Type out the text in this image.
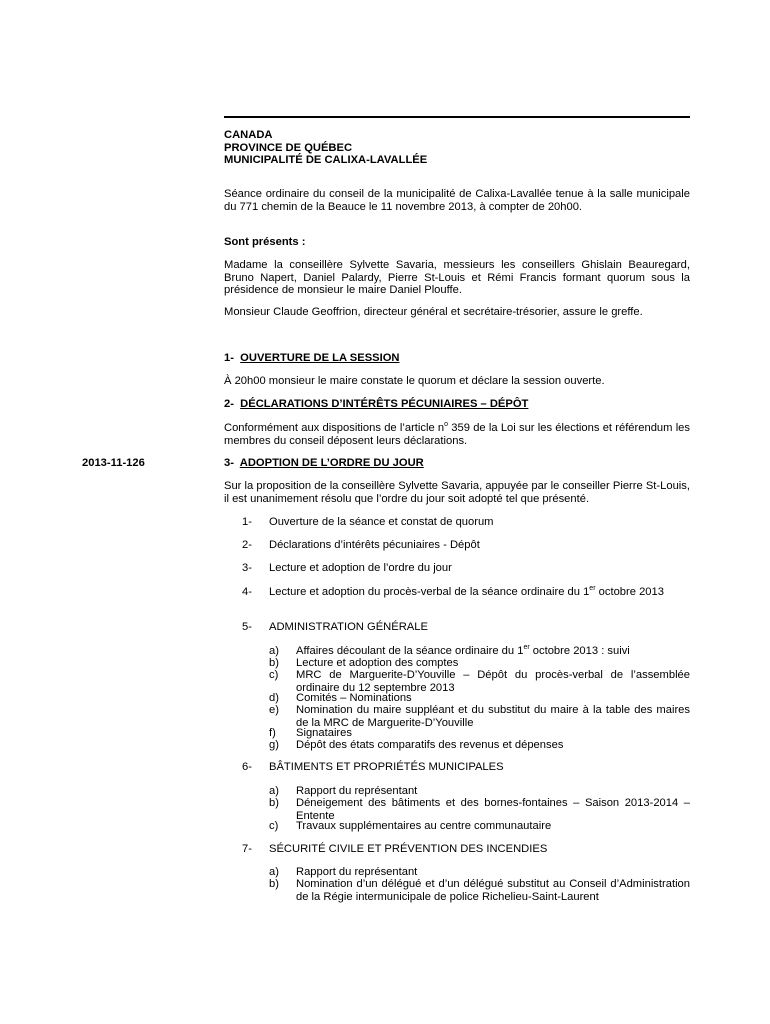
CANADA
PROVINCE DE QUÉBEC
MUNICIPALITÉ DE CALIXA-LAVALLÉE
Séance ordinaire du conseil de la municipalité de Calixa-Lavallée tenue à la salle municipale du 771 chemin de la Beauce le 11 novembre 2013, à compter de 20h00.
Sont présents :
Madame la conseillère Sylvette Savaria, messieurs les conseillers Ghislain Beauregard, Bruno Napert, Daniel Palardy, Pierre St-Louis et Rémi Francis formant quorum sous la présidence de monsieur le maire Daniel Plouffe.
Monsieur Claude Geoffrion, directeur général et secrétaire-trésorier, assure le greffe.
1- OUVERTURE DE LA SESSION
À 20h00 monsieur le maire constate le quorum et déclare la session ouverte.
2- DÉCLARATIONS D’INTÉRÊTS PÉCUNIAIRES – DÉPÔT
Conformément aux dispositions de l’article $n^o$ 359 de la Loi sur les élections et référendum les membres du conseil déposent leurs déclarations.
2013-11-126	3- ADOPTION DE L’ORDRE DU JOUR
Sur la proposition de la conseillère Sylvette Savaria, appuyée par le conseiller Pierre St-Louis, il est unanimement résolu que l’ordre du jour soit adopté tel que présenté.
1- Ouverture de la séance et constat de quorum
2- Déclarations d’intérêts pécuniaires - Dépôt
3- Lecture et adoption de l’ordre du jour
4- Lecture et adoption du procès-verbal de la séance ordinaire du 1er octobre 2013
5- ADMINISTRATION GÉNÉRALE
a) Affaires découlant de la séance ordinaire du 1er octobre 2013 : suivi
b) Lecture et adoption des comptes
c) MRC de Marguerite-D’Youville – Dépôt du procès-verbal de l’assemblée ordinaire du 12 septembre 2013
d) Comités – Nominations
e) Nomination du maire suppléant et du substitut du maire à la table des maires de la MRC de Marguerite-D’Youville
f) Signataires
g) Dépôt des états comparatifs des revenus et dépenses
6- BÂTIMENTS ET PROPRIÉTÉS MUNICIPALES
a) Rapport du représentant
b) Déneigement des bâtiments et des bornes-fontaines – Saison 2013-2014 – Entente
c) Travaux supplémentaires au centre communautaire
7- SÉCURITÉ CIVILE ET PRÉVENTION DES INCENDIES
a) Rapport du représentant
b) Nomination d’un délégué et d’un délégué substitut au Conseil d’Administration de la Régie intermunicipale de police Richelieu-Saint-Laurent
